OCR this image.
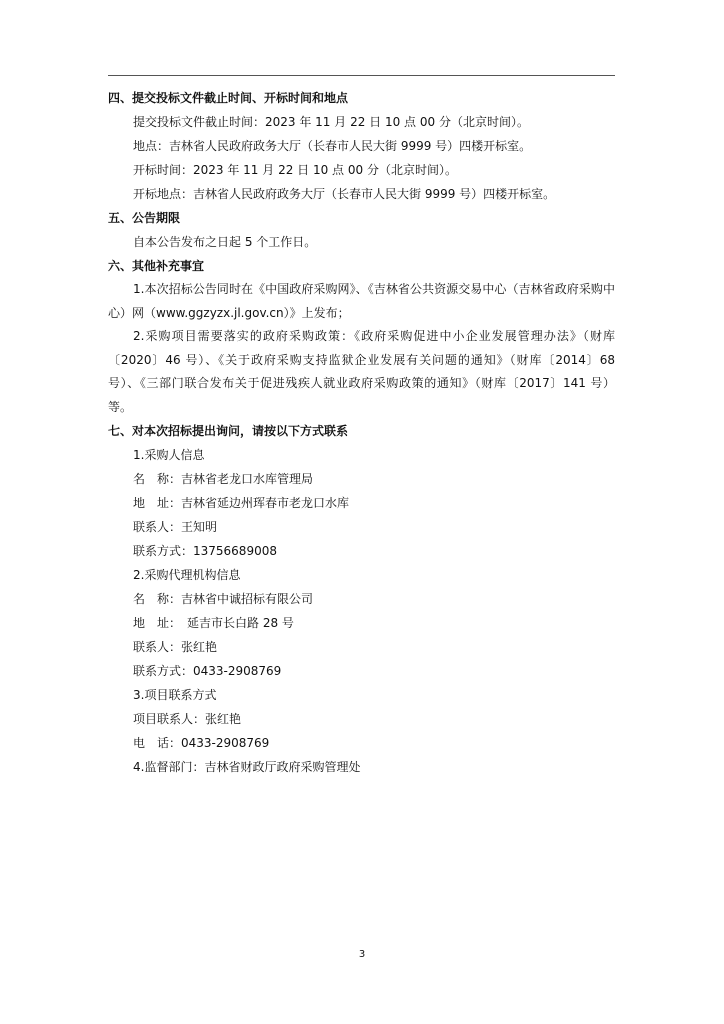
四、提交投标文件截止时间、开标时间和地点

提交投标文件截止时间：2023 年 11 月 22 日 10 点 00 分（北京时间）。

地点：吉林省人民政府政务大厅（长春市人民大街 9999 号）四楼开标室。

开标时间：2023 年 11 月 22 日 10 点 00 分（北京时间）。

开标地点：吉林省人民政府政务大厅（长春市人民大街 9999 号）四楼开标室。

五、公告期限

自本公告发布之日起 5 个工作日。

六、其他补充事宜

1.本次招标公告同时在《中国政府采购网》、《吉林省公共资源交易中心（吉林省政府采购中心）网（www.ggzyzx.jl.gov.cn）》上发布；

2.采购项目需要落实的政府采购政策：《政府采购促进中小企业发展管理办法》（财库〔2020〕46 号）、《关于政府采购支持监狱企业发展有关问题的通知》（财库〔2014〕68 号）、《三部门联合发布关于促进残疾人就业政府采购政策的通知》（财库〔2017〕141 号）等。

七、对本次招标提出询问，请按以下方式联系

1.采购人信息

名　称：吉林省老龙口水库管理局

地　址：吉林省延边州珲春市老龙口水库

联系人：王知明

联系方式：13756689008

2.采购代理机构信息

名　称：吉林省中诚招标有限公司

地　址：　延吉市长白路 28 号

联系人：张红艳

联系方式：0433-2908769

3.项目联系方式

项目联系人：张红艳

电　话：0433-2908769

4.监督部门：吉林省财政厅政府采购管理处

3
